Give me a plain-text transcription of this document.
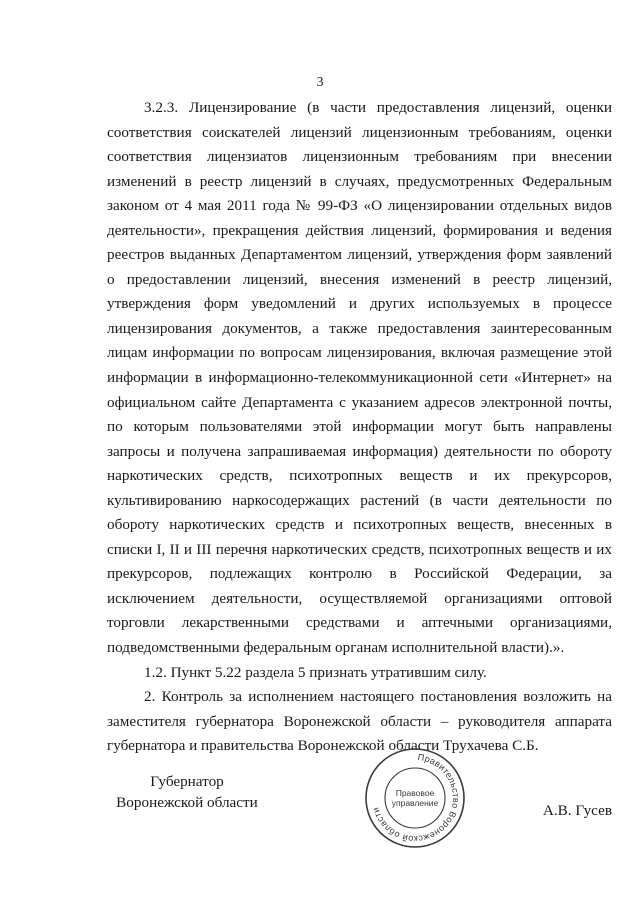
3

3.2.3. Лицензирование (в части предоставления лицензий, оценки соответствия соискателей лицензий лицензионным требованиям, оценки соответствия лицензиатов лицензионным требованиям при внесении изменений в реестр лицензий в случаях, предусмотренных Федеральным законом от 4 мая 2011 года № 99-ФЗ «О лицензировании отдельных видов деятельности», прекращения действия лицензий, формирования и ведения реестров выданных Департаментом лицензий, утверждения форм заявлений о предоставлении лицензий, внесения изменений в реестр лицензий, утверждения форм уведомлений и других используемых в процессе лицензирования документов, а также предоставления заинтересованным лицам информации по вопросам лицензирования, включая размещение этой информации в информационно-телекоммуникационной сети «Интернет» на официальном сайте Департамента с указанием адресов электронной почты, по которым пользователями этой информации могут быть направлены запросы и получена запрашиваемая информация) деятельности по обороту наркотических средств, психотропных веществ и их прекурсоров, культивированию наркосодержащих растений (в части деятельности по обороту наркотических средств и психотропных веществ, внесенных в списки I, II и III перечня наркотических средств, психотропных веществ и их прекурсоров, подлежащих контролю в Российской Федерации, за исключением деятельности, осуществляемой организациями оптовой торговли лекарственными средствами и аптечными организациями, подведомственными федеральным органам исполнительной власти).».

1.2. Пункт 5.22 раздела 5 признать утратившим силу.

2. Контроль за исполнением настоящего постановления возложить на заместителя губернатора Воронежской области – руководителя аппарата губернатора и правительства Воронежской области Трухачева С.Б.

Губернатор
Воронежской области
Правительство Воронежской области
Правовое
управление	А.В. Гусев
